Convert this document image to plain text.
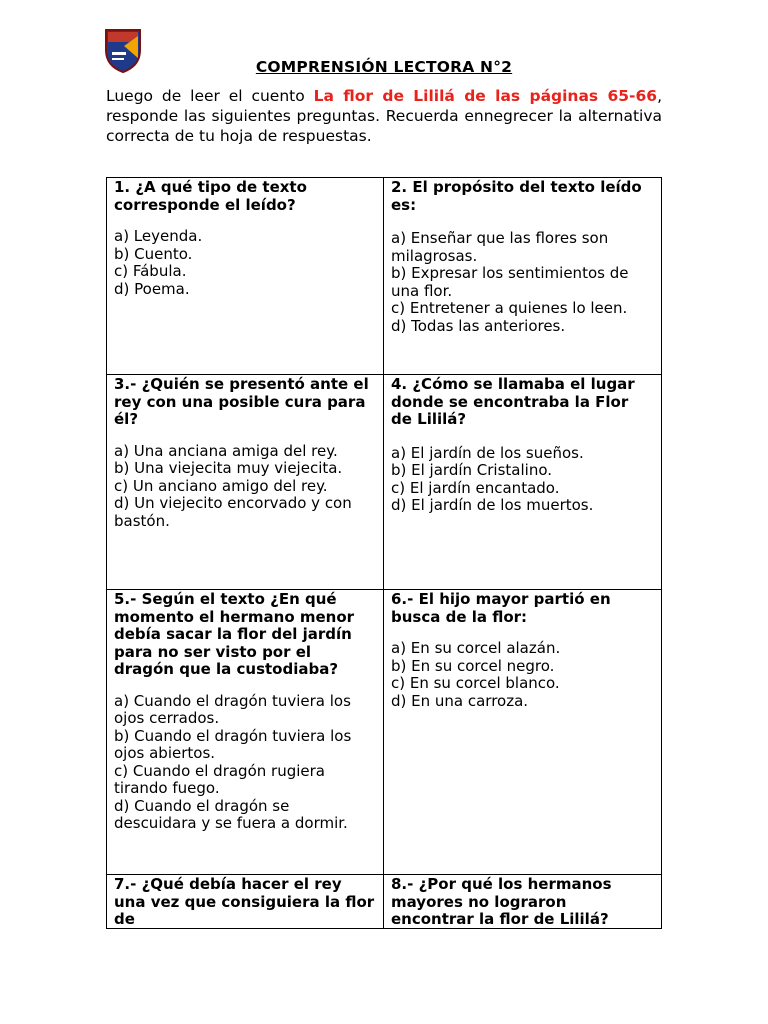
COMPRENSIÓN LECTORA N°2
Luego de leer el cuento La flor de Lililá de las páginas 65-66, responde las siguientes preguntas. Recuerda ennegrecer la alternativa correcta de tu hoja de respuestas.
1. ¿A qué tipo de texto corresponde el leído?
a) Leyenda.
b) Cuento.
c) Fábula.
d) Poema.
2. El propósito del texto leído es:
a) Enseñar que las flores son milagrosas.
b) Expresar los sentimientos de una flor.
c) Entretener a quienes lo leen.
d) Todas las anteriores.
3.- ¿Quién se presentó ante el rey con una posible cura para él?
a) Una anciana amiga del rey.
b) Una viejecita muy viejecita.
c) Un anciano amigo del rey.
d) Un viejecito encorvado y con bastón.
4. ¿Cómo se llamaba el lugar donde se encontraba la Flor de Lililá?
a) El jardín de los sueños.
b) El jardín Cristalino.
c) El jardín encantado.
d) El jardín de los muertos.
5.- Según el texto ¿En qué momento el hermano menor debía sacar la flor del jardín para no ser visto por el dragón que la custodiaba?
a) Cuando el dragón tuviera los ojos cerrados.
b) Cuando el dragón tuviera los ojos abiertos.
c) Cuando el dragón rugiera tirando fuego.
d) Cuando el dragón se descuidara y se fuera a dormir.
6.- El hijo mayor partió en busca de la flor:
a) En su corcel alazán.
b) En su corcel negro.
c) En su corcel blanco.
d) En una carroza.
7.- ¿Qué debía hacer el rey una vez que consiguiera la flor de
8.- ¿Por qué los hermanos mayores no lograron encontrar la flor de Lililá?
